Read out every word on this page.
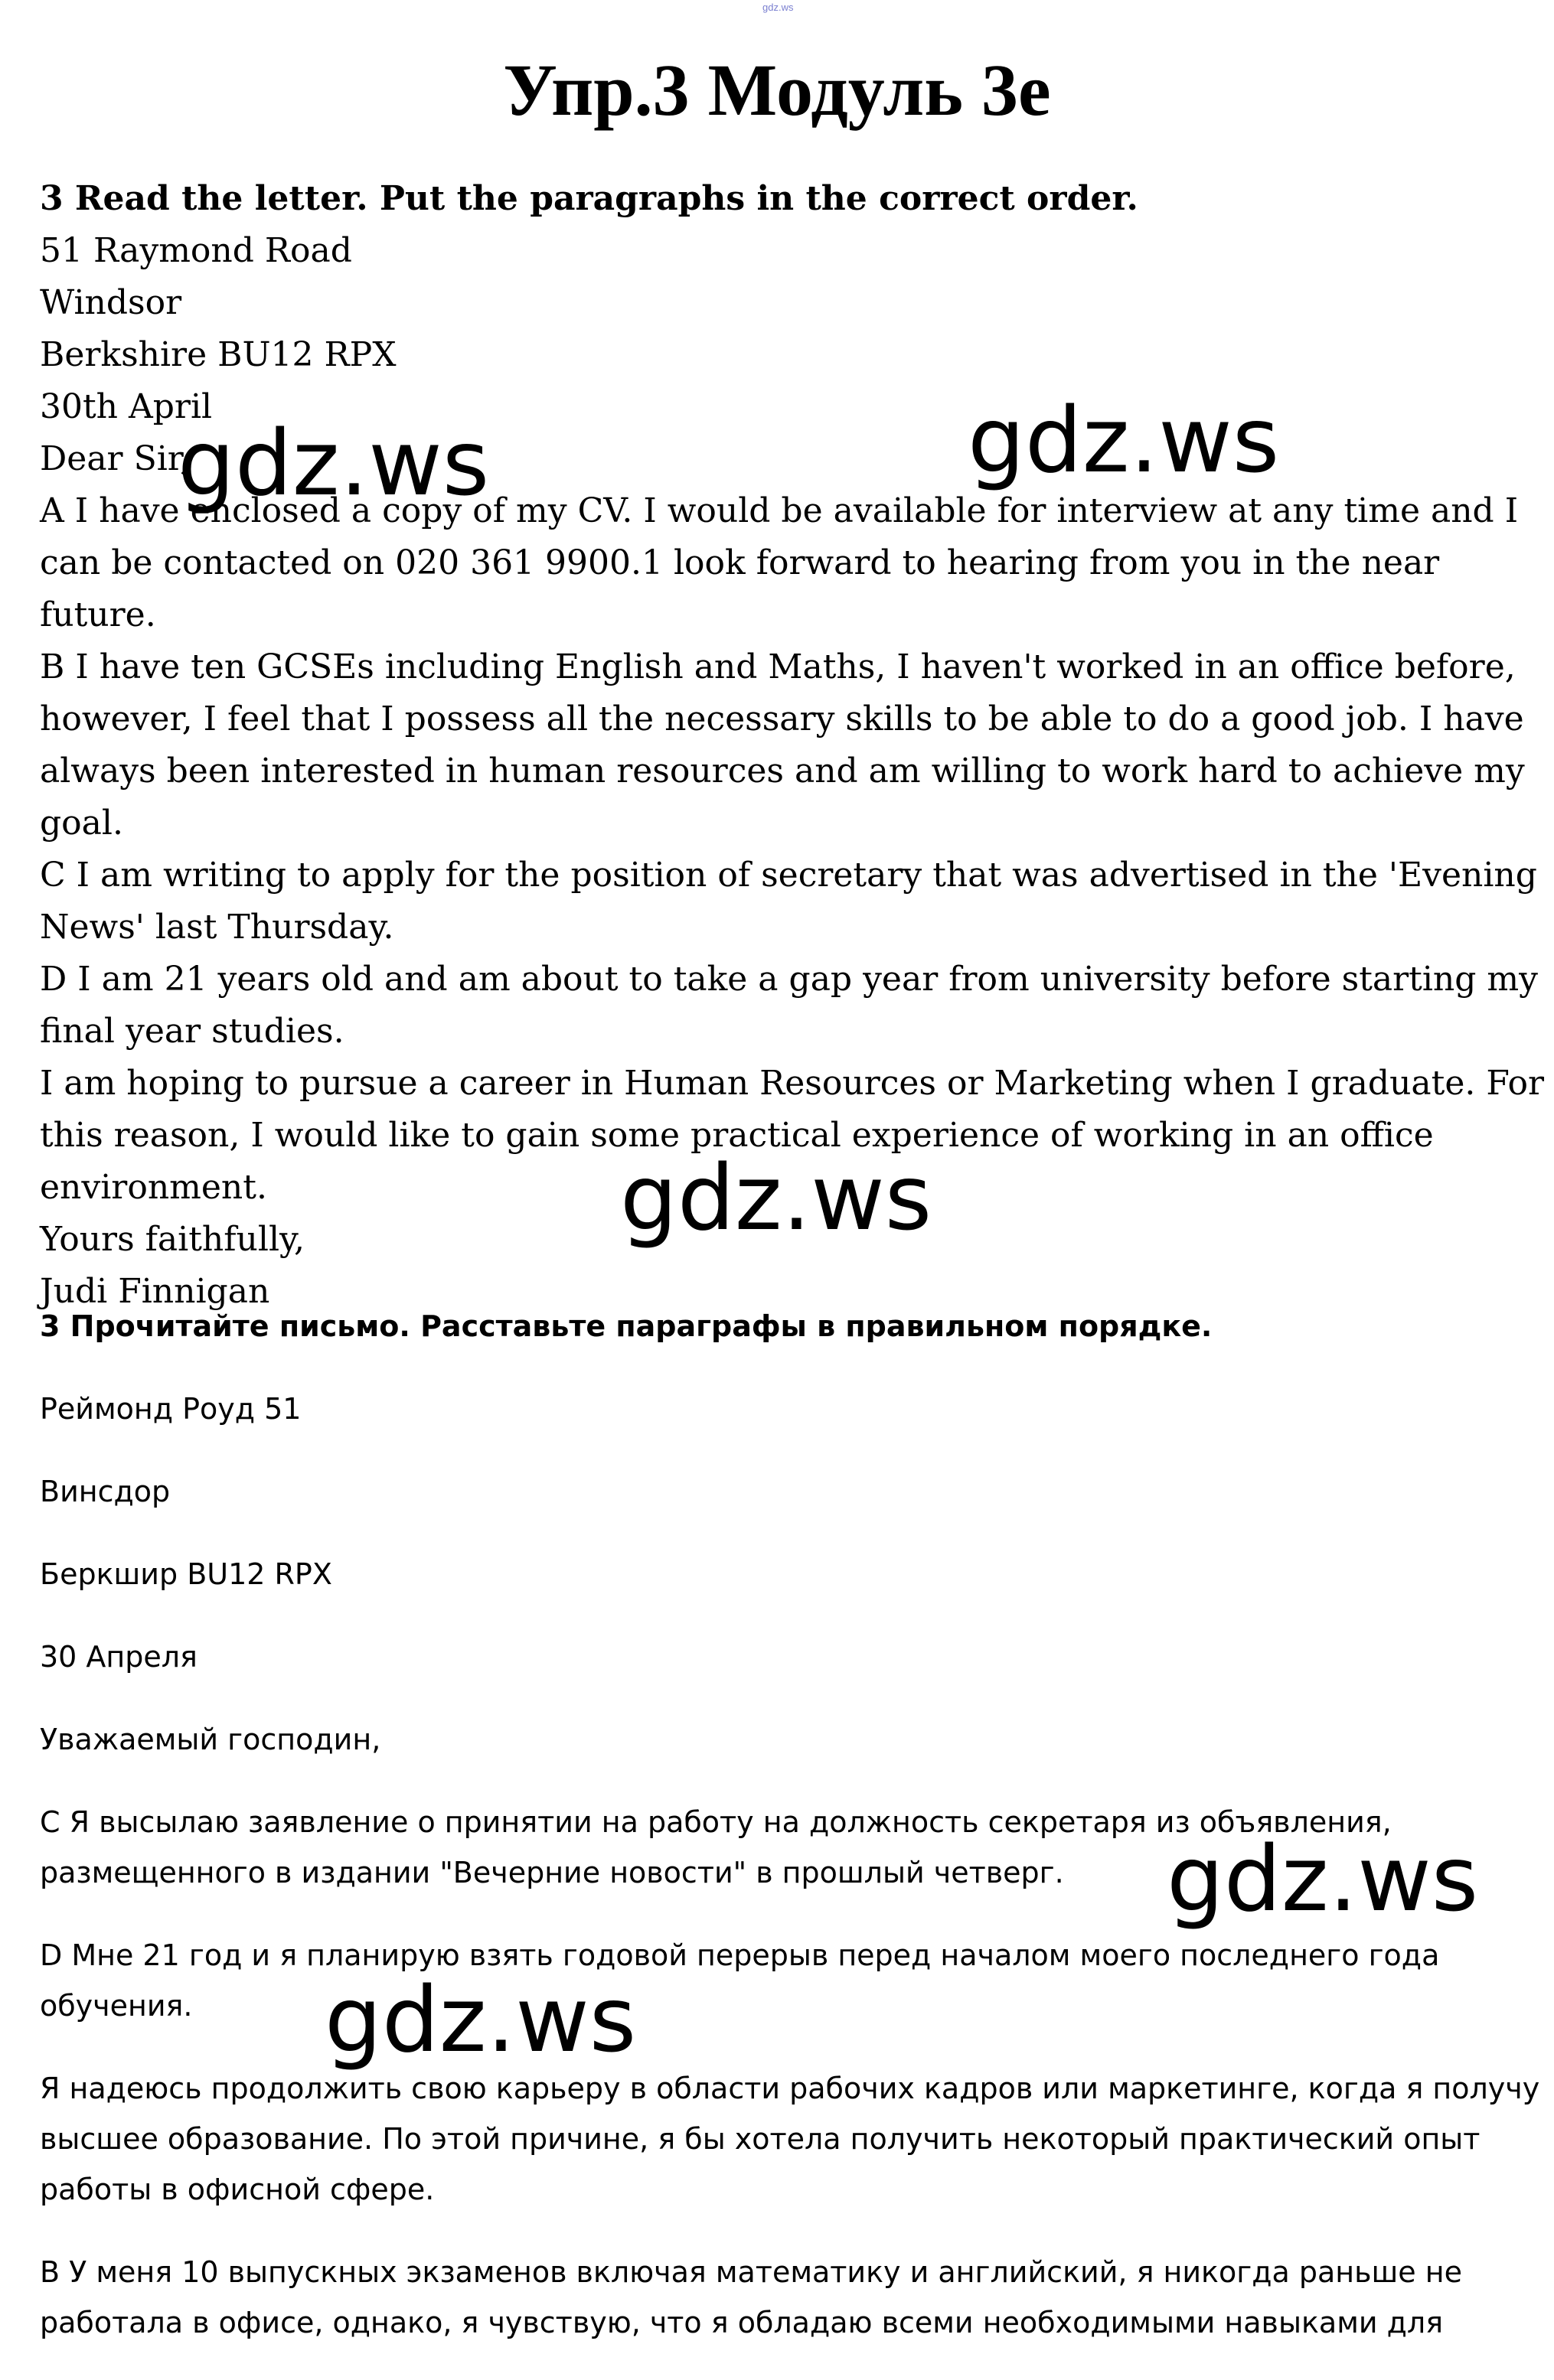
gdz.ws
Упр.3 Модуль 3e
3 Read the letter. Put the paragraphs in the correct order.
51 Raymond Road
Windsor
Berkshire BU12 RPX
30th April
Dear Sir,

A I have enclosed a copy of my CV. I would be available for interview at any time and I can be contacted on 020 361 9900.1 look forward to hearing from you in the near future.

B I have ten GCSEs including English and Maths, I haven't worked in an office before, however, I feel that I possess all the necessary skills to be able to do a good job. I have always been interested in human resources and am willing to work hard to achieve my goal.

C I am writing to apply for the position of secretary that was advertised in the 'Evening News' last Thursday.

D I am 21 years old and am about to take a gap year from university before starting my final year studies.

I am hoping to pursue a career in Human Resources or Marketing when I graduate. For this reason, I would like to gain some practical experience of working in an office environment.

Yours faithfully,
Judi Finnigan

3 Прочитайте письмо. Расставьте параграфы в правильном порядке.

Реймонд Роуд 51

Винсдор

Беркшир BU12 RPX

30 Апреля

Уважаемый господин,

C Я высылаю заявление о принятии на работу на должность секретаря из объявления, размещенного в издании "Вечерние новости" в прошлый четверг.

D Мне 21 год и я планирую взять годовой перерыв перед началом моего последнего года обучения.

Я надеюсь продолжить свою карьеру в области рабочих кадров или маркетинге, когда я получу высшее образование. По этой причине, я бы хотела получить некоторый практический опыт работы в офисной сфере.

B У меня 10 выпускных экзаменов включая математику и английский, я никогда раньше не работала в офисе, однако, я чувствую, что я обладаю всеми необходимыми навыками для

gdz.ws	gdz.ws
gdz.ws
gdz.ws
gdz.ws
